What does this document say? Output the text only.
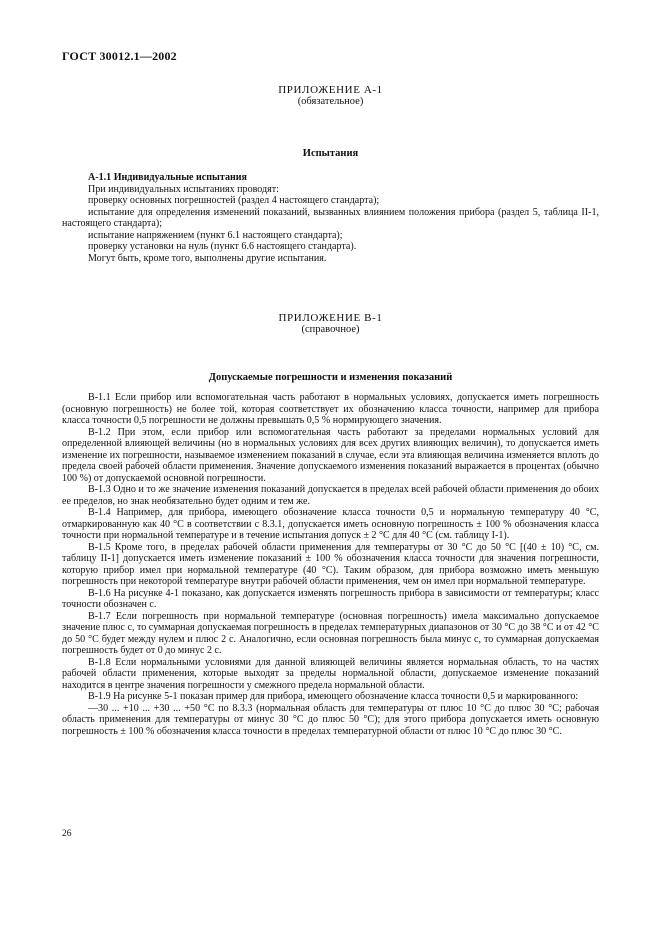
ГОСТ 30012.1—2002
ПРИЛОЖЕНИЕ А-1
(обязательное)
Испытания

А-1.1 Индивидуальные испытания

При индивидуальных испытаниях проводят:

проверку основных погрешностей (раздел 4 настоящего стандарта);

испытание для определения изменений показаний, вызванных влиянием положения прибора (раздел 5, таблица II-1, настоящего стандарта);

испытание напряжением (пункт 6.1 настоящего стандарта);

проверку установки на нуль (пункт 6.6 настоящего стандарта).

Могут быть, кроме того, выполнены другие испытания.

ПРИЛОЖЕНИЕ В-1
(справочное)
Допускаемые погрешности и изменения показаний

В-1.1 Если прибор или вспомогательная часть работают в нормальных условиях, допускается иметь погрешность (основную погрешность) не более той, которая соответствует их обозначению класса точности, например для прибора класса точности 0,5 погрешности не должны превышать 0,5 % нормирующего значения.

В-1.2 При этом, если прибор или вспомогательная часть работают за пределами нормальных условий для определенной влияющей величины (но в нормальных условиях для всех других влияющих величин), то допускается иметь изменение их погрешности, называемое изменением показаний в случае, если эта влияющая величина изменяется вплоть до предела своей рабочей области применения. Значение допускаемого изменения показаний выражается в процентах (обычно 100 %) от допускаемой основной погрешности.

В-1.3 Одно и то же значение изменения показаний допускается в пределах всей рабочей области применения до обоих ее пределов, но знак необязательно будет одним и тем же.

В-1.4 Например, для прибора, имеющего обозначение класса точности 0,5 и нормальную температуру 40 °С, отмаркированную как 40 °С в соответствии с 8.3.1, допускается иметь основную погрешность ± 100 % обозначения класса точности при нормальной температуре и в течение испытания допуск ± 2 °С для 40 °С (см. таблицу I-1).

В-1.5 Кроме того, в пределах рабочей области применения для температуры от 30 °С до 50 °С [(40 ± 10) °С, см. таблицу II-1] допускается иметь изменение показаний ± 100 % обозначения класса точности для значения погрешности, которую прибор имел при нормальной температуре (40 °С). Таким образом, для прибора возможно иметь меньшую погрешность при некоторой температуре внутри рабочей области применения, чем он имел при нормальной температуре.

В-1.6 На рисунке 4-1 показано, как допускается изменять погрешность прибора в зависимости от температуры; класс точности обозначен с.

В-1.7 Если погрешность при нормальной температуре (основная погрешность) имела максимально допускаемое значение плюс с, то суммарная допускаемая погрешность в пределах температурных диапазонов от 30 °С до 38 °С и от 42 °С до 50 °С будет между нулем и плюс 2 с. Аналогично, если основная погрешность была минус с, то суммарная допускаемая погрешность будет от 0 до минус 2 с.

В-1.8 Если нормальными условиями для данной влияющей величины является нормальная область, то на частях рабочей области применения, которые выходят за пределы нормальной области, допускаемое изменение показаний находится в центре значения погрешности у смежного предела нормальной области.

В-1.9 На рисунке 5-1 показан пример для прибора, имеющего обозначение класса точности 0,5 и маркированного:

—30 ... +10 ... +30 ... +50 °С по 8.3.3 (нормальная область для температуры от плюс 10 °С до плюс 30 °С; рабочая область применения для температуры от минус 30 °С до плюс 50 °С); для этого прибора допускается иметь основную погрешность ± 100 % обозначения класса точности в пределах температурной области от плюс 10 °С до плюс 30 °С.

26
